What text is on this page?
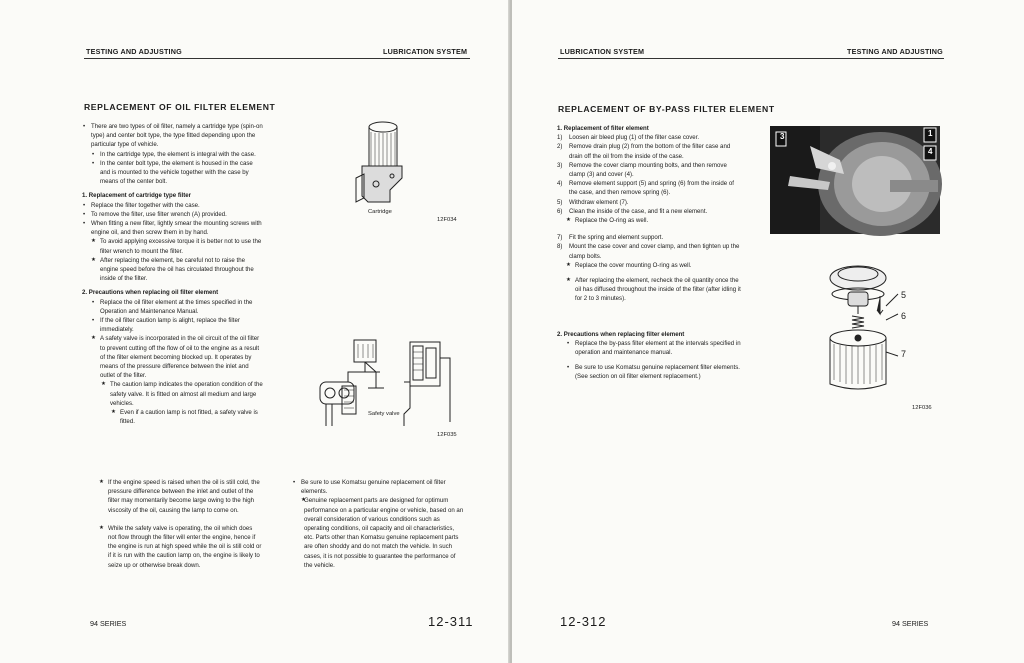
TESTING AND ADJUSTING	LUBRICATION SYSTEM
REPLACEMENT OF OIL FILTER ELEMENT

• There are two types of oil filter, namely a cartridge type (spin-on type) and center bolt type, the type fitted depending upon the particular type of vehicle.

• In the cartridge type, the element is integral with the case.

• In the center bolt type, the element is housed in the case and is mounted to the vehicle together with the case by means of the center bolt.

1. Replacement of cartridge type filter

• Replace the filter together with the case.

• To remove the filter, use filter wrench (A) provided.

• When fitting a new filter, lightly smear the mounting screws with engine oil, and then screw them in by hand.

★ To avoid applying excessive torque it is better not to use the filter wrench to mount the filter.

★ After replacing the element, be careful not to raise the engine speed before the oil has circulated throughout the inside of the filter.

2. Precautions when replacing oil filter element

• Replace the oil filter element at the times specified in the Operation and Maintenance Manual.

• If the oil filter caution lamp is alight, replace the filter immediately.

★ A safety valve is incorporated in the oil circuit of the oil filter to prevent cutting off the flow of oil to the engine as a result of the filter element becoming blocked up. It operates by means of the pressure difference between the inlet and outlet of the filter.

★ The caution lamp indicates the operation condition of the safety valve. It is fitted on almost all medium and large vehicles.

★ Even if a caution lamp is not fitted, a safety valve is fitted.

★ If the engine speed is raised when the oil is still cold, the pressure difference between the inlet and outlet of the filter may momentarily become large owing to the high viscosity of the oil, causing the lamp to come on.

★ While the safety valve is operating, the oil which does not flow through the filter will enter the engine, hence if the engine is run at high speed while the oil is still cold or if it is run with the caution lamp on, the engine is likely to seize up or otherwise break down.

• Be sure to use Komatsu genuine replacement oil filter elements.

★ Genuine replacement parts are designed for optimum performance on a particular engine or vehicle, based on an overall consideration of various conditions such as operating conditions, oil capacity and oil characteristics, etc. Parts other than Komatsu genuine replacement parts are often shoddy and do not match the vehicle. In such cases, it is not possible to guarantee the performance of the vehicle.

Cartridge
12F034
Safety valve
12F035
94 SERIES	12-311
LUBRICATION SYSTEM	TESTING AND ADJUSTING
REPLACEMENT OF BY-PASS FILTER ELEMENT

1. Replacement of filter element

1) Loosen air bleed plug (1) of the filter case cover.

2) Remove drain plug (2) from the bottom of the filter case and drain off the oil from the inside of the case.

3) Remove the cover clamp mounting bolts, and then remove clamp (3) and cover (4).

4) Remove element support (5) and spring (6) from the inside of the case, and then remove spring (6).

5) Withdraw element (7).

6) Clean the inside of the case, and fit a new element.

★ Replace the O-ring as well.

7) Fit the spring and element support.

8) Mount the case cover and cover clamp, and then tighten up the clamp bolts.

★ Replace the cover mounting O-ring as well.

★ After replacing the element, recheck the oil quantity once the oil has diffused throughout the inside of the filter (after idling it for 2 to 3 minutes).

2. Precautions when replacing filter element

• Replace the by-pass filter element at the intervals specified in operation and maintenance manual.

• Be sure to use Komatsu genuine replacement filter elements. (See section on oil filter element replacement.)

3	1
4
5
6
7
12F036
12-312	94 SERIES
